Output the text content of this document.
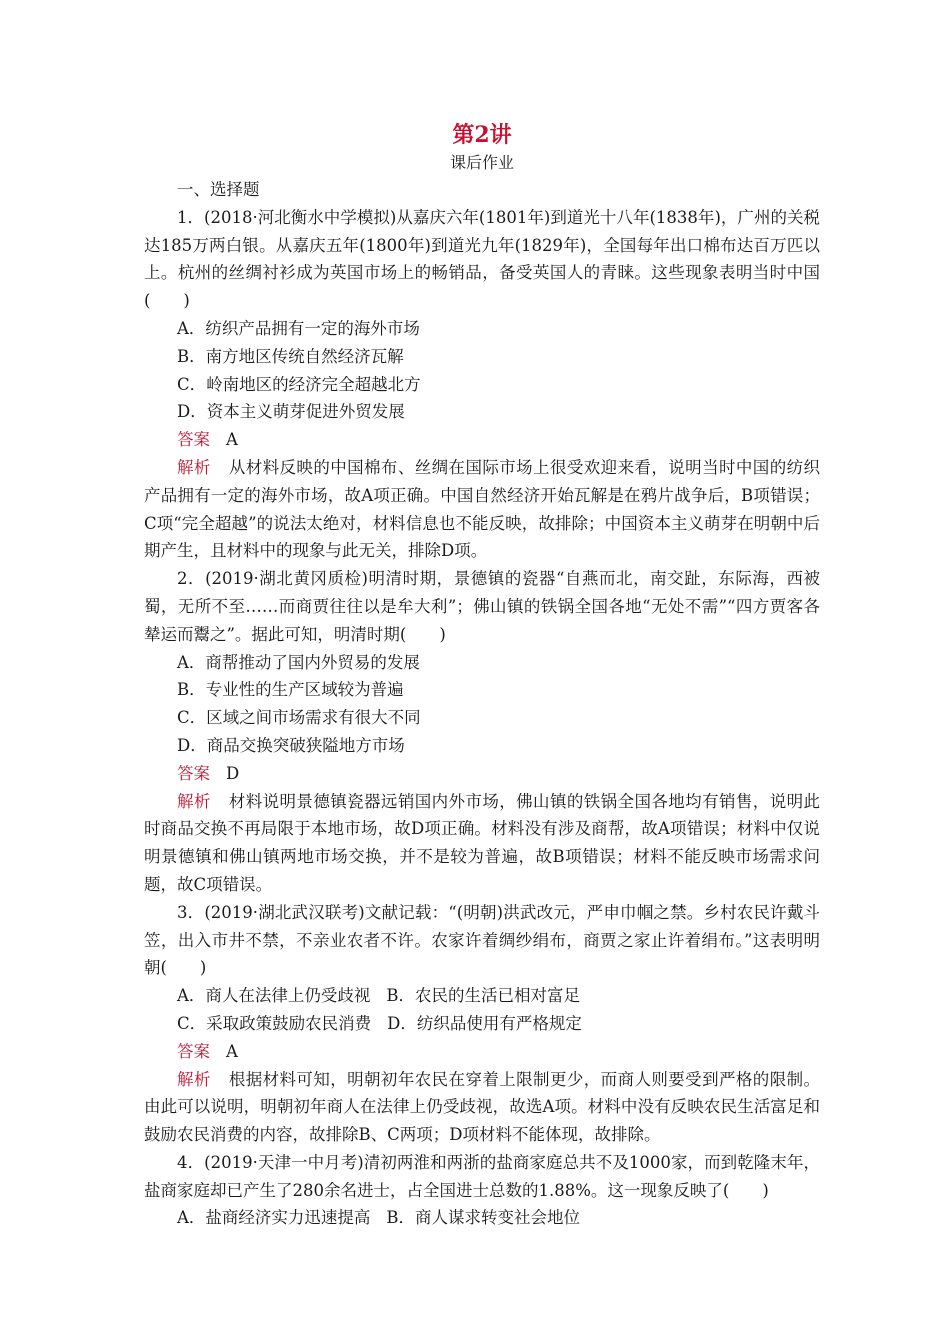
第2讲
课后作业
一、选择题
1．(2018·河北衡水中学模拟)从嘉庆六年(1801年)到道光十八年(1838年)，广州的关税达185万两白银。从嘉庆五年(1800年)到道光九年(1829年)，全国每年出口棉布达百万匹以上。杭州的丝绸衬衫成为英国市场上的畅销品，备受英国人的青睐。这些现象表明当时中国(　　)
A．纺织产品拥有一定的海外市场
B．南方地区传统自然经济瓦解
C．岭南地区的经济完全超越北方
D．资本主义萌芽促进外贸发展
答案 A
解析 从材料反映的中国棉布、丝绸在国际市场上很受欢迎来看，说明当时中国的纺织产品拥有一定的海外市场，故A项正确。中国自然经济开始瓦解是在鸦片战争后，B项错误；C项“完全超越”的说法太绝对，材料信息也不能反映，故排除；中国资本主义萌芽在明朝中后期产生，且材料中的现象与此无关，排除D项。
2．(2019·湖北黄冈质检)明清时期，景德镇的瓷器“自燕而北，南交趾，东际海，西被蜀，无所不至……而商贾往往以是牟大利”；佛山镇的铁锅全国各地“无处不需”“四方贾客各辇运而鬻之”。据此可知，明清时期(　　)
A．商帮推动了国内外贸易的发展
B．专业性的生产区域较为普遍
C．区域之间市场需求有很大不同
D．商品交换突破狭隘地方市场
答案 D
解析 材料说明景德镇瓷器远销国内外市场，佛山镇的铁锅全国各地均有销售，说明此时商品交换不再局限于本地市场，故D项正确。材料没有涉及商帮，故A项错误；材料中仅说明景德镇和佛山镇两地市场交换，并不是较为普遍，故B项错误；材料不能反映市场需求问题，故C项错误。
3．(2019·湖北武汉联考)文献记载：“(明朝)洪武改元，严申巾帼之禁。乡村农民许戴斗笠，出入市井不禁，不亲业农者不许。农家许着绸纱绢布，商贾之家止许着绢布。”这表明明朝(　　)
A．商人在法律上仍受歧视 B．农民的生活已相对富足
C．采取政策鼓励农民消费 D．纺织品使用有严格规定
答案 A
解析 根据材料可知，明朝初年农民在穿着上限制更少，而商人则要受到严格的限制。由此可以说明，明朝初年商人在法律上仍受歧视，故选A项。材料中没有反映农民生活富足和鼓励农民消费的内容，故排除B、C两项；D项材料不能体现，故排除。
4．(2019·天津一中月考)清初两淮和两浙的盐商家庭总共不及1000家，而到乾隆末年，盐商家庭却已产生了280余名进士，占全国进士总数的1.88%。这一现象反映了(　　)
A．盐商经济实力迅速提高 B．商人谋求转变社会地位
